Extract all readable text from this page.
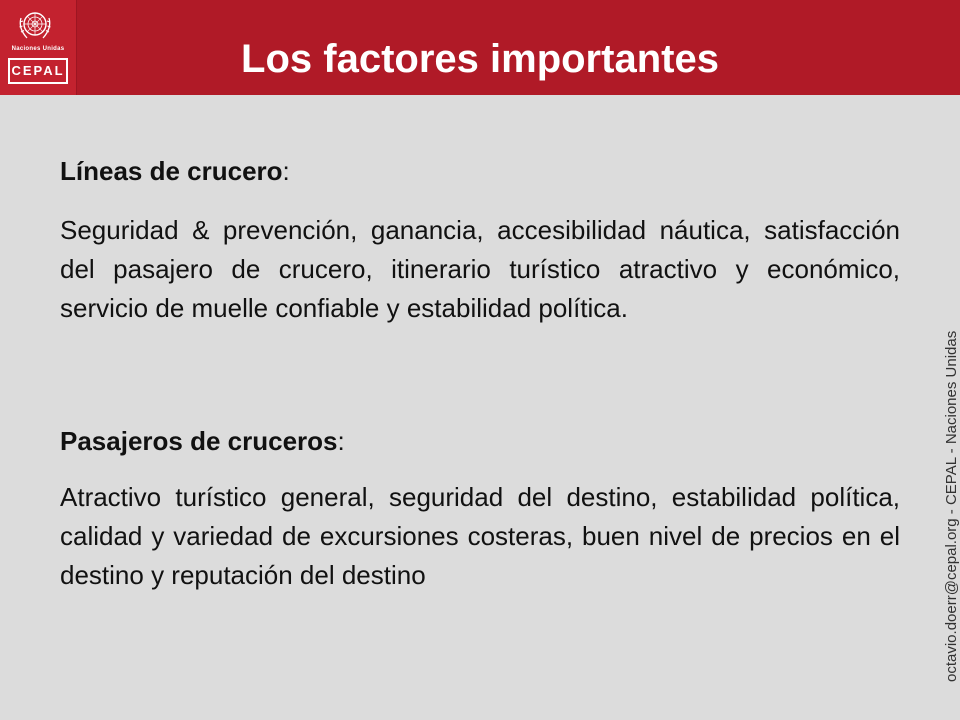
Naciones Unidas
CEPAL	Los factores importantes

Líneas de crucero:

Seguridad & prevención, ganancia, accesibilidad náutica, satisfacción del pasajero de crucero, itinerario turístico atractivo y económico, servicio de muelle confiable y estabilidad política.

Pasajeros de cruceros:

Atractivo turístico general, seguridad del destino, estabilidad política, calidad y variedad de excursiones costeras, buen nivel de precios en el destino y reputación del destino	octavio.doerr@cepal.org - CEPAL - Naciones Unidas
